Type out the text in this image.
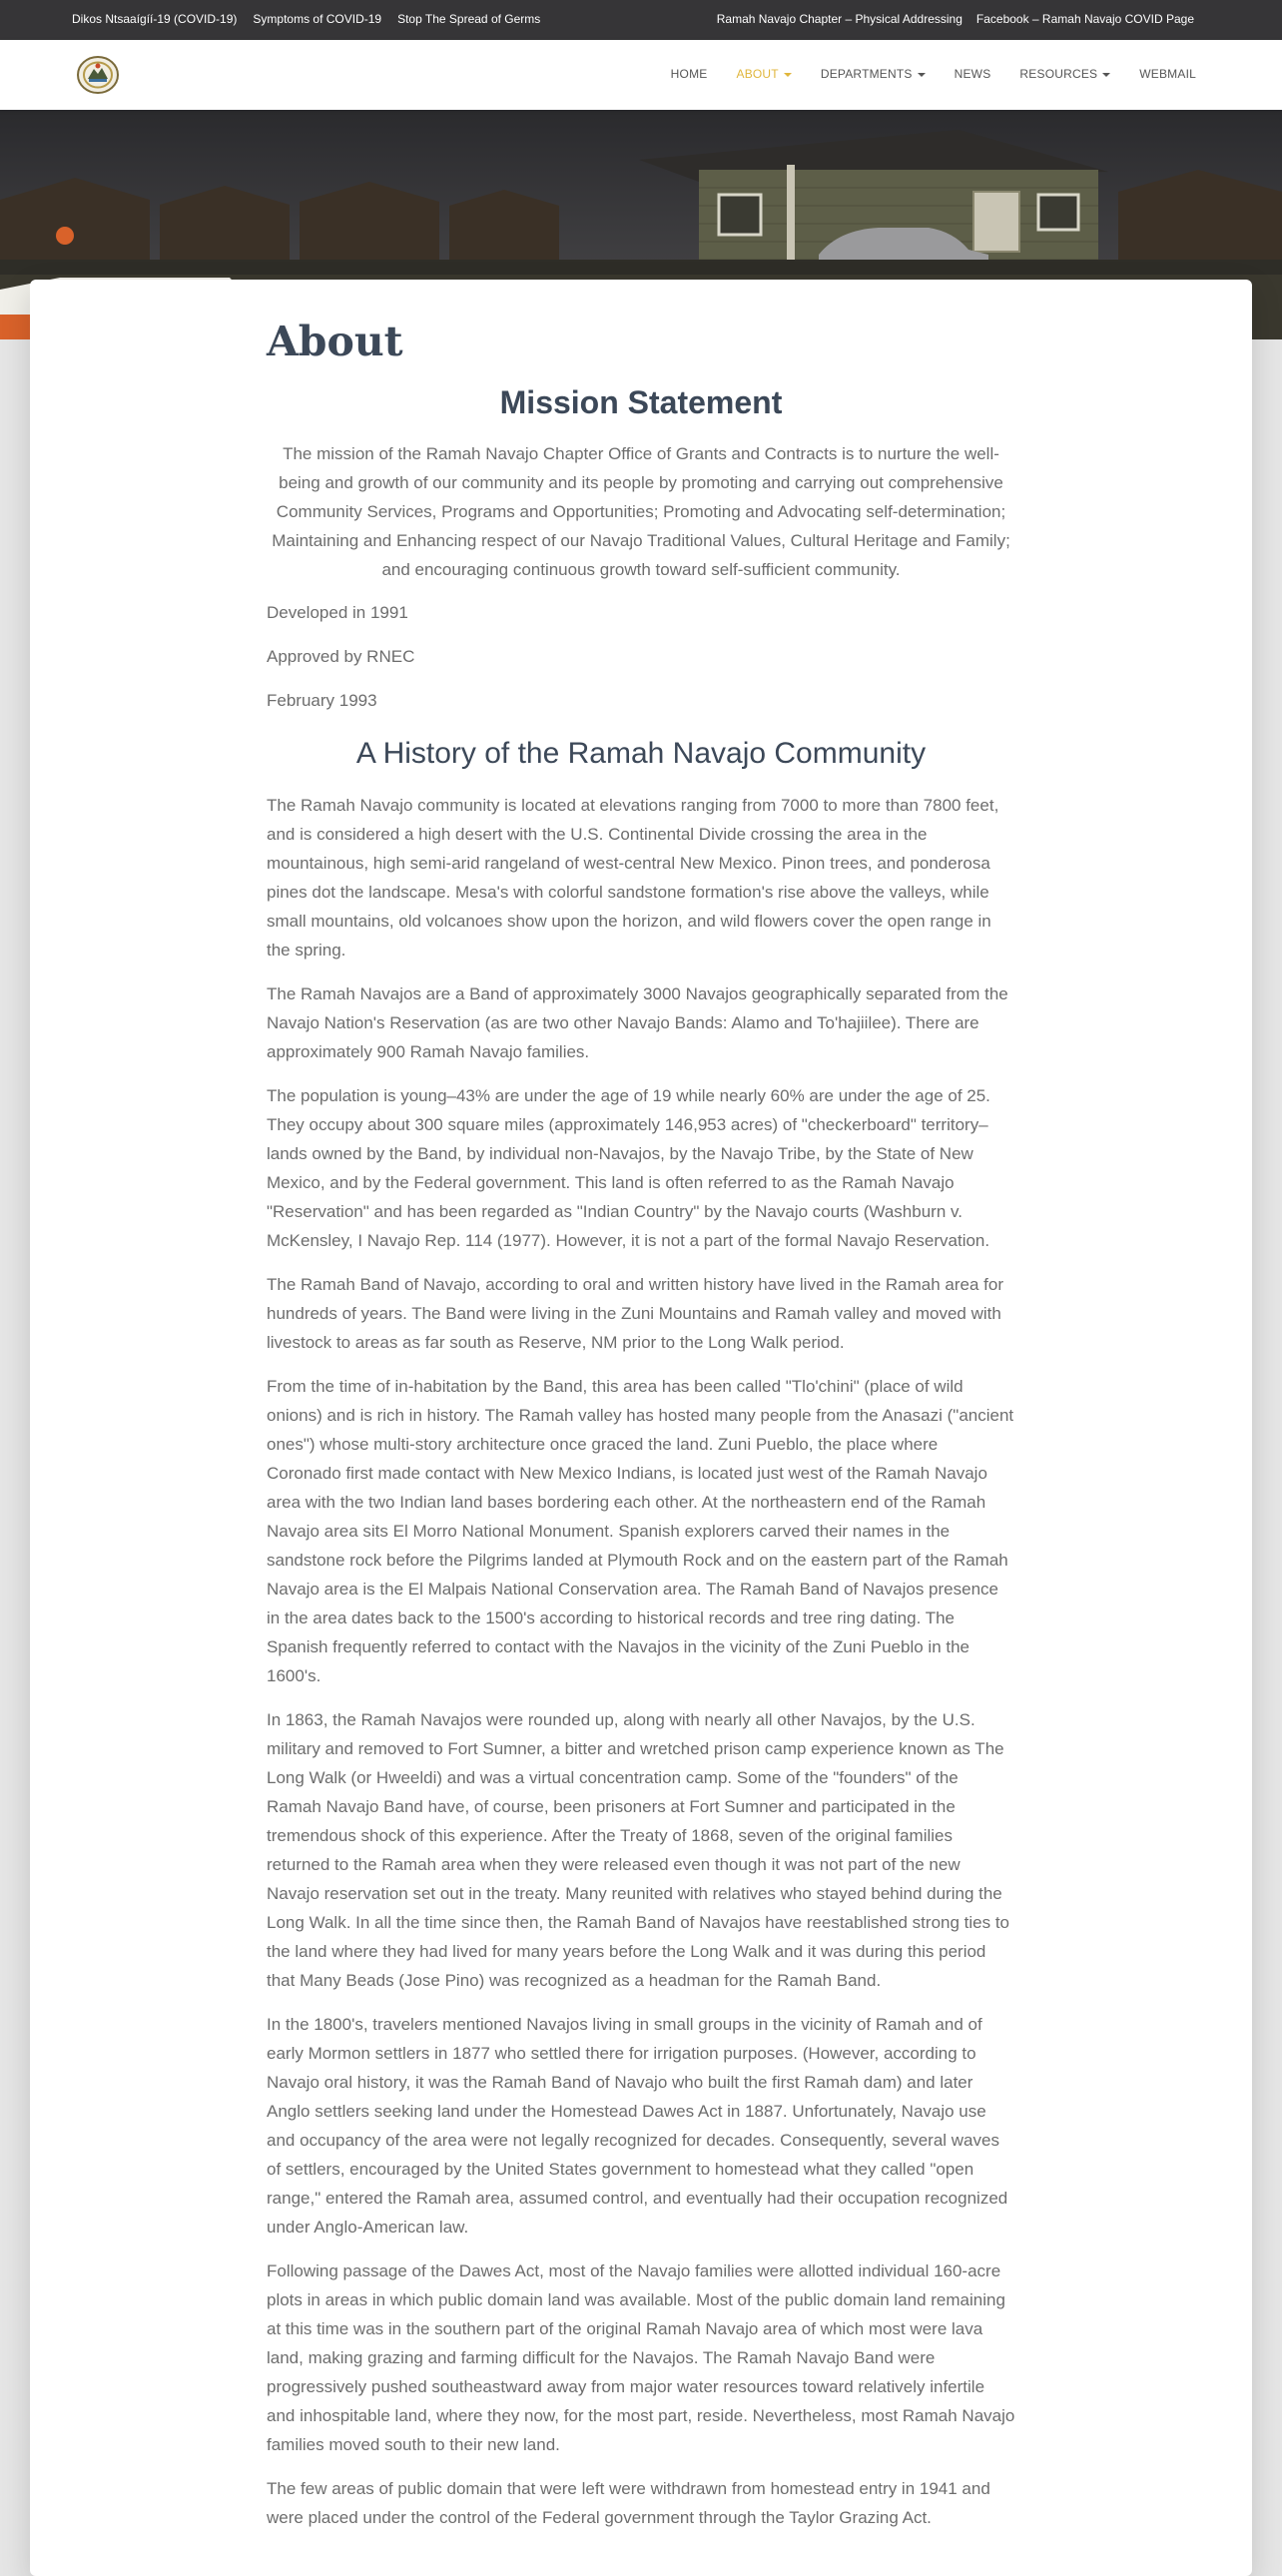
Dikos Ntsaaígíí-19 (COVID-19) Symptoms of COVID-19 Stop The Spread of Germs	Ramah Navajo Chapter – Physical Addressing Facebook – Ramah Navajo COVID Page
HOME ABOUT	DEPARTMENTS	NEWS RESOURCES	WEBMAIL
About
Mission Statement

The mission of the Ramah Navajo Chapter Office of Grants and Contracts is to nurture the well-being and growth of our community and its people by promoting and carrying out comprehensive Community Services, Programs and Opportunities; Promoting and Advocating self-determination; Maintaining and Enhancing respect of our Navajo Traditional Values, Cultural Heritage and Family; and encouraging continuous growth toward self-sufficient community.

Developed in 1991

Approved by RNEC

February 1993

A History of the Ramah Navajo Community

The Ramah Navajo community is located at elevations ranging from 7000 to more than 7800 feet, and is considered a high desert with the U.S. Continental Divide crossing the area in the mountainous, high semi-arid rangeland of west-central New Mexico. Pinon trees, and ponderosa pines dot the landscape. Mesa's with colorful sandstone formation's rise above the valleys, while small mountains, old volcanoes show upon the horizon, and wild flowers cover the open range in the spring.

The Ramah Navajos are a Band of approximately 3000 Navajos geographically separated from the Navajo Nation's Reservation (as are two other Navajo Bands: Alamo and To'hajiilee). There are approximately 900 Ramah Navajo families.

The population is young–43% are under the age of 19 while nearly 60% are under the age of 25. They occupy about 300 square miles (approximately 146,953 acres) of "checkerboard" territory–lands owned by the Band, by individual non-Navajos, by the Navajo Tribe, by the State of New Mexico, and by the Federal government. This land is often referred to as the Ramah Navajo "Reservation" and has been regarded as "Indian Country" by the Navajo courts (Washburn v. McKensley, I Navajo Rep. 114 (1977). However, it is not a part of the formal Navajo Reservation.

The Ramah Band of Navajo, according to oral and written history have lived in the Ramah area for hundreds of years. The Band were living in the Zuni Mountains and Ramah valley and moved with livestock to areas as far south as Reserve, NM prior to the Long Walk period.

From the time of in-habitation by the Band, this area has been called "Tlo'chini" (place of wild onions) and is rich in history. The Ramah valley has hosted many people from the Anasazi ("ancient ones") whose multi-story architecture once graced the land. Zuni Pueblo, the place where Coronado first made contact with New Mexico Indians, is located just west of the Ramah Navajo area with the two Indian land bases bordering each other. At the northeastern end of the Ramah Navajo area sits El Morro National Monument. Spanish explorers carved their names in the sandstone rock before the Pilgrims landed at Plymouth Rock and on the eastern part of the Ramah Navajo area is the El Malpais National Conservation area. The Ramah Band of Navajos presence in the area dates back to the 1500's according to historical records and tree ring dating. The Spanish frequently referred to contact with the Navajos in the vicinity of the Zuni Pueblo in the 1600's.

In 1863, the Ramah Navajos were rounded up, along with nearly all other Navajos, by the U.S. military and removed to Fort Sumner, a bitter and wretched prison camp experience known as The Long Walk (or Hweeldi) and was a virtual concentration camp. Some of the "founders" of the Ramah Navajo Band have, of course, been prisoners at Fort Sumner and participated in the tremendous shock of this experience. After the Treaty of 1868, seven of the original families returned to the Ramah area when they were released even though it was not part of the new Navajo reservation set out in the treaty. Many reunited with relatives who stayed behind during the Long Walk. In all the time since then, the Ramah Band of Navajos have reestablished strong ties to the land where they had lived for many years before the Long Walk and it was during this period that Many Beads (Jose Pino) was recognized as a headman for the Ramah Band.

In the 1800's, travelers mentioned Navajos living in small groups in the vicinity of Ramah and of early Mormon settlers in 1877 who settled there for irrigation purposes. (However, according to Navajo oral history, it was the Ramah Band of Navajo who built the first Ramah dam) and later Anglo settlers seeking land under the Homestead Dawes Act in 1887. Unfortunately, Navajo use and occupancy of the area were not legally recognized for decades. Consequently, several waves of settlers, encouraged by the United States government to homestead what they called "open range," entered the Ramah area, assumed control, and eventually had their occupation recognized under Anglo-American law.

Following passage of the Dawes Act, most of the Navajo families were allotted individual 160-acre plots in areas in which public domain land was available. Most of the public domain land remaining at this time was in the southern part of the original Ramah Navajo area of which most were lava land, making grazing and farming difficult for the Navajos. The Ramah Navajo Band were progressively pushed southeastward away from major water resources toward relatively infertile and inhospitable land, where they now, for the most part, reside. Nevertheless, most Ramah Navajo families moved south to their new land.

The few areas of public domain that were left were withdrawn from homestead entry in 1941 and were placed under the control of the Federal government through the Taylor Grazing Act.
